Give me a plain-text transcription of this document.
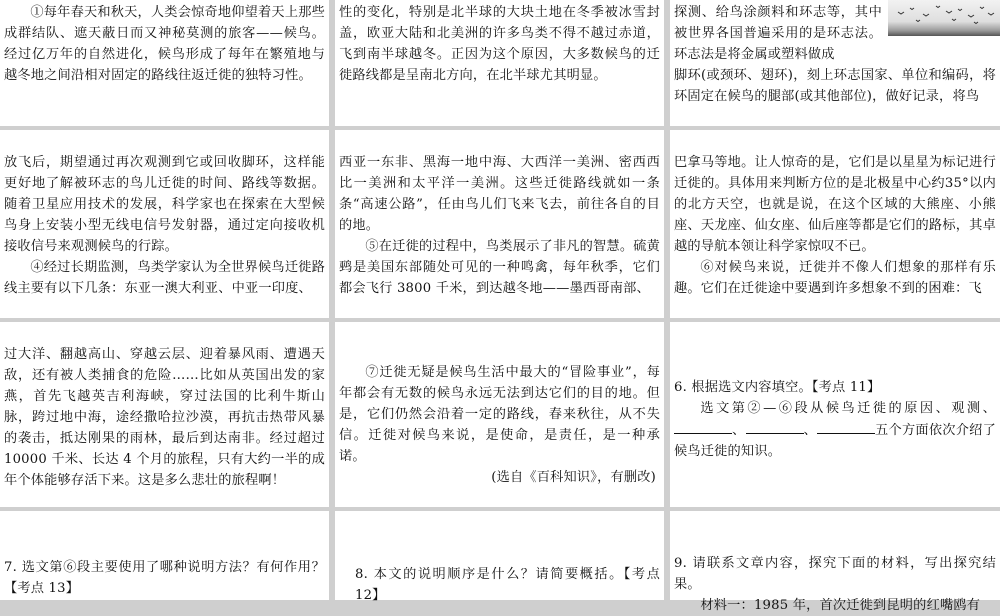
①每年春天和秋天，人类会惊奇地仰望着天上那些成群结队、遮天蔽日而又神秘莫测的旅客——候鸟。经过亿万年的自然进化，候鸟形成了每年在繁殖地与越冬地之间沿相对固定的路线往返迁徙的独特习性。

性的变化，特别是北半球的大块土地在冬季被冰雪封盖，欧亚大陆和北美洲的许多鸟类不得不越过赤道，飞到南半球越冬。正因为这个原因，大多数候鸟的迁徙路线都是呈南北方向，在北半球尤其明显。

探测、给鸟涂颜料和环志等，其中被世界各国普遍采用的是环志法。环志法是将金属或塑料做成

脚环(或颈环、翅环)，刻上环志国家、单位和编码，将环固定在候鸟的腿部(或其他部位)，做好记录，将鸟

放飞后，期望通过再次观测到它或回收脚环，这样能更好地了解被环志的鸟儿迁徙的时间、路线等数据。随着卫星应用技术的发展，科学家也在探索在大型候鸟身上安装小型无线电信号发射器，通过定向接收机接收信号来观测候鸟的行踪。

④经过长期监测，鸟类学家认为全世界候鸟迁徙路线主要有以下几条：东亚一澳大利亚、中亚一印度、

西亚一东非、黑海一地中海、大西洋一美洲、密西西比一美洲和太平洋一美洲。这些迁徙路线就如一条条“高速公路”，任由鸟儿们飞来飞去，前往各自的目的地。

⑤在迁徙的过程中，鸟类展示了非凡的智慧。硫黄鹀是美国东部随处可见的一种鸣禽，每年秋季，它们都会飞行 3800 千米，到达越冬地——墨西哥南部、

巴拿马等地。让人惊奇的是，它们是以星星为标记进行迁徙的。具体用来判断方位的是北极星中心约35°以内的北方天空，也就是说，在这个区域的大熊座、小熊座、天龙座、仙女座、仙后座等都是它们的路标，其卓越的导航本领让科学家惊叹不已。

⑥对候鸟来说，迁徙并不像人们想象的那样有乐趣。它们在迁徙途中要遇到许多想象不到的困难：飞

过大洋、翻越高山、穿越云层、迎着暴风雨、遭遇天敌，还有被人类捕食的危险……比如从英国出发的家燕，首先飞越英吉利海峡，穿过法国的比利牛斯山脉，跨过地中海，途经撒哈拉沙漠，再抗击热带风暴的袭击，抵达刚果的雨林，最后到达南非。经过超过 10000 千米、长达 4 个月的旅程，只有大约一半的成年个体能够存活下来。这是多么悲壮的旅程啊！

⑦迁徙无疑是候鸟生活中最大的“冒险事业”，每年都会有无数的候鸟永远无法到达它们的目的地。但是，它们仍然会沿着一定的路线，春来秋往，从不失信。迁徙对候鸟来说，是使命，是责任，是一种承诺。

(选自《百科知识》，有删改)

6. 根据选文内容填空。【考点 11】

选文第②—⑥段从候鸟迁徙的原因、观测、、	、	五个方面依次介绍了候鸟迁徙的知识。

7. 选文第⑥段主要使用了哪种说明方法？有何作用？【考点 13】

8. 本文的说明顺序是什么？请简要概括。【考点 12】

9. 请联系文章内容，探究下面的材料，写出探究结果。

材料一：1985 年，首次迁徙到昆明的红嘴鸥有
